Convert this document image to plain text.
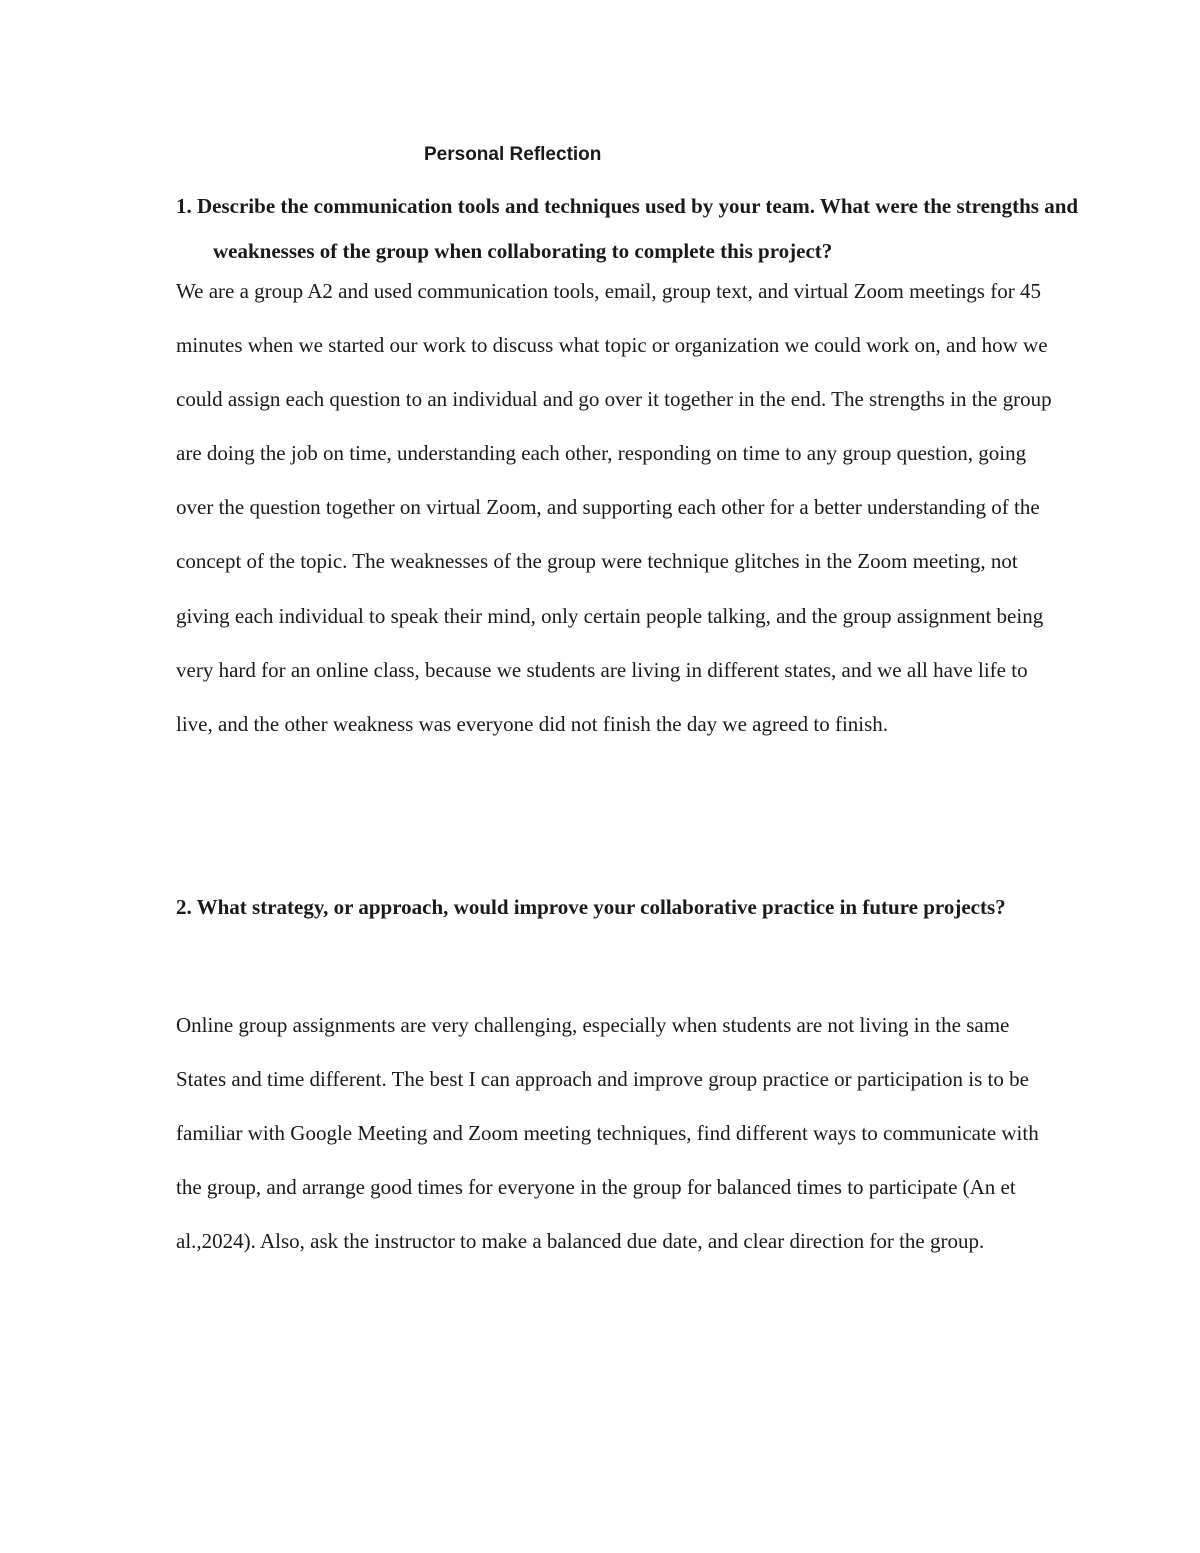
Personal Reflection

1. Describe the communication tools and techniques used by your team. What were the strengths and weaknesses of the group when collaborating to complete this project?

We are a group A2 and used communication tools, email, group text, and virtual Zoom meetings for 45 minutes when we started our work to discuss what topic or organization we could work on, and how we could assign each question to an individual and go over it together in the end. The strengths in the group are doing the job on time, understanding each other, responding on time to any group question, going over the question together on virtual Zoom, and supporting each other for a better understanding of the concept of the topic. The weaknesses of the group were technique glitches in the Zoom meeting, not giving each individual to speak their mind, only certain people talking, and the group assignment being very hard for an online class, because we students are living in different states, and we all have life to live, and the other weakness was everyone did not finish the day we agreed to finish.

2. What strategy, or approach, would improve your collaborative practice in future projects?

Online group assignments are very challenging, especially when students are not living in the same States and time different. The best I can approach and improve group practice or participation is to be familiar with Google Meeting and Zoom meeting techniques, find different ways to communicate with the group, and arrange good times for everyone in the group for balanced times to participate (An et al.,2024). Also, ask the instructor to make a balanced due date, and clear direction for the group.
